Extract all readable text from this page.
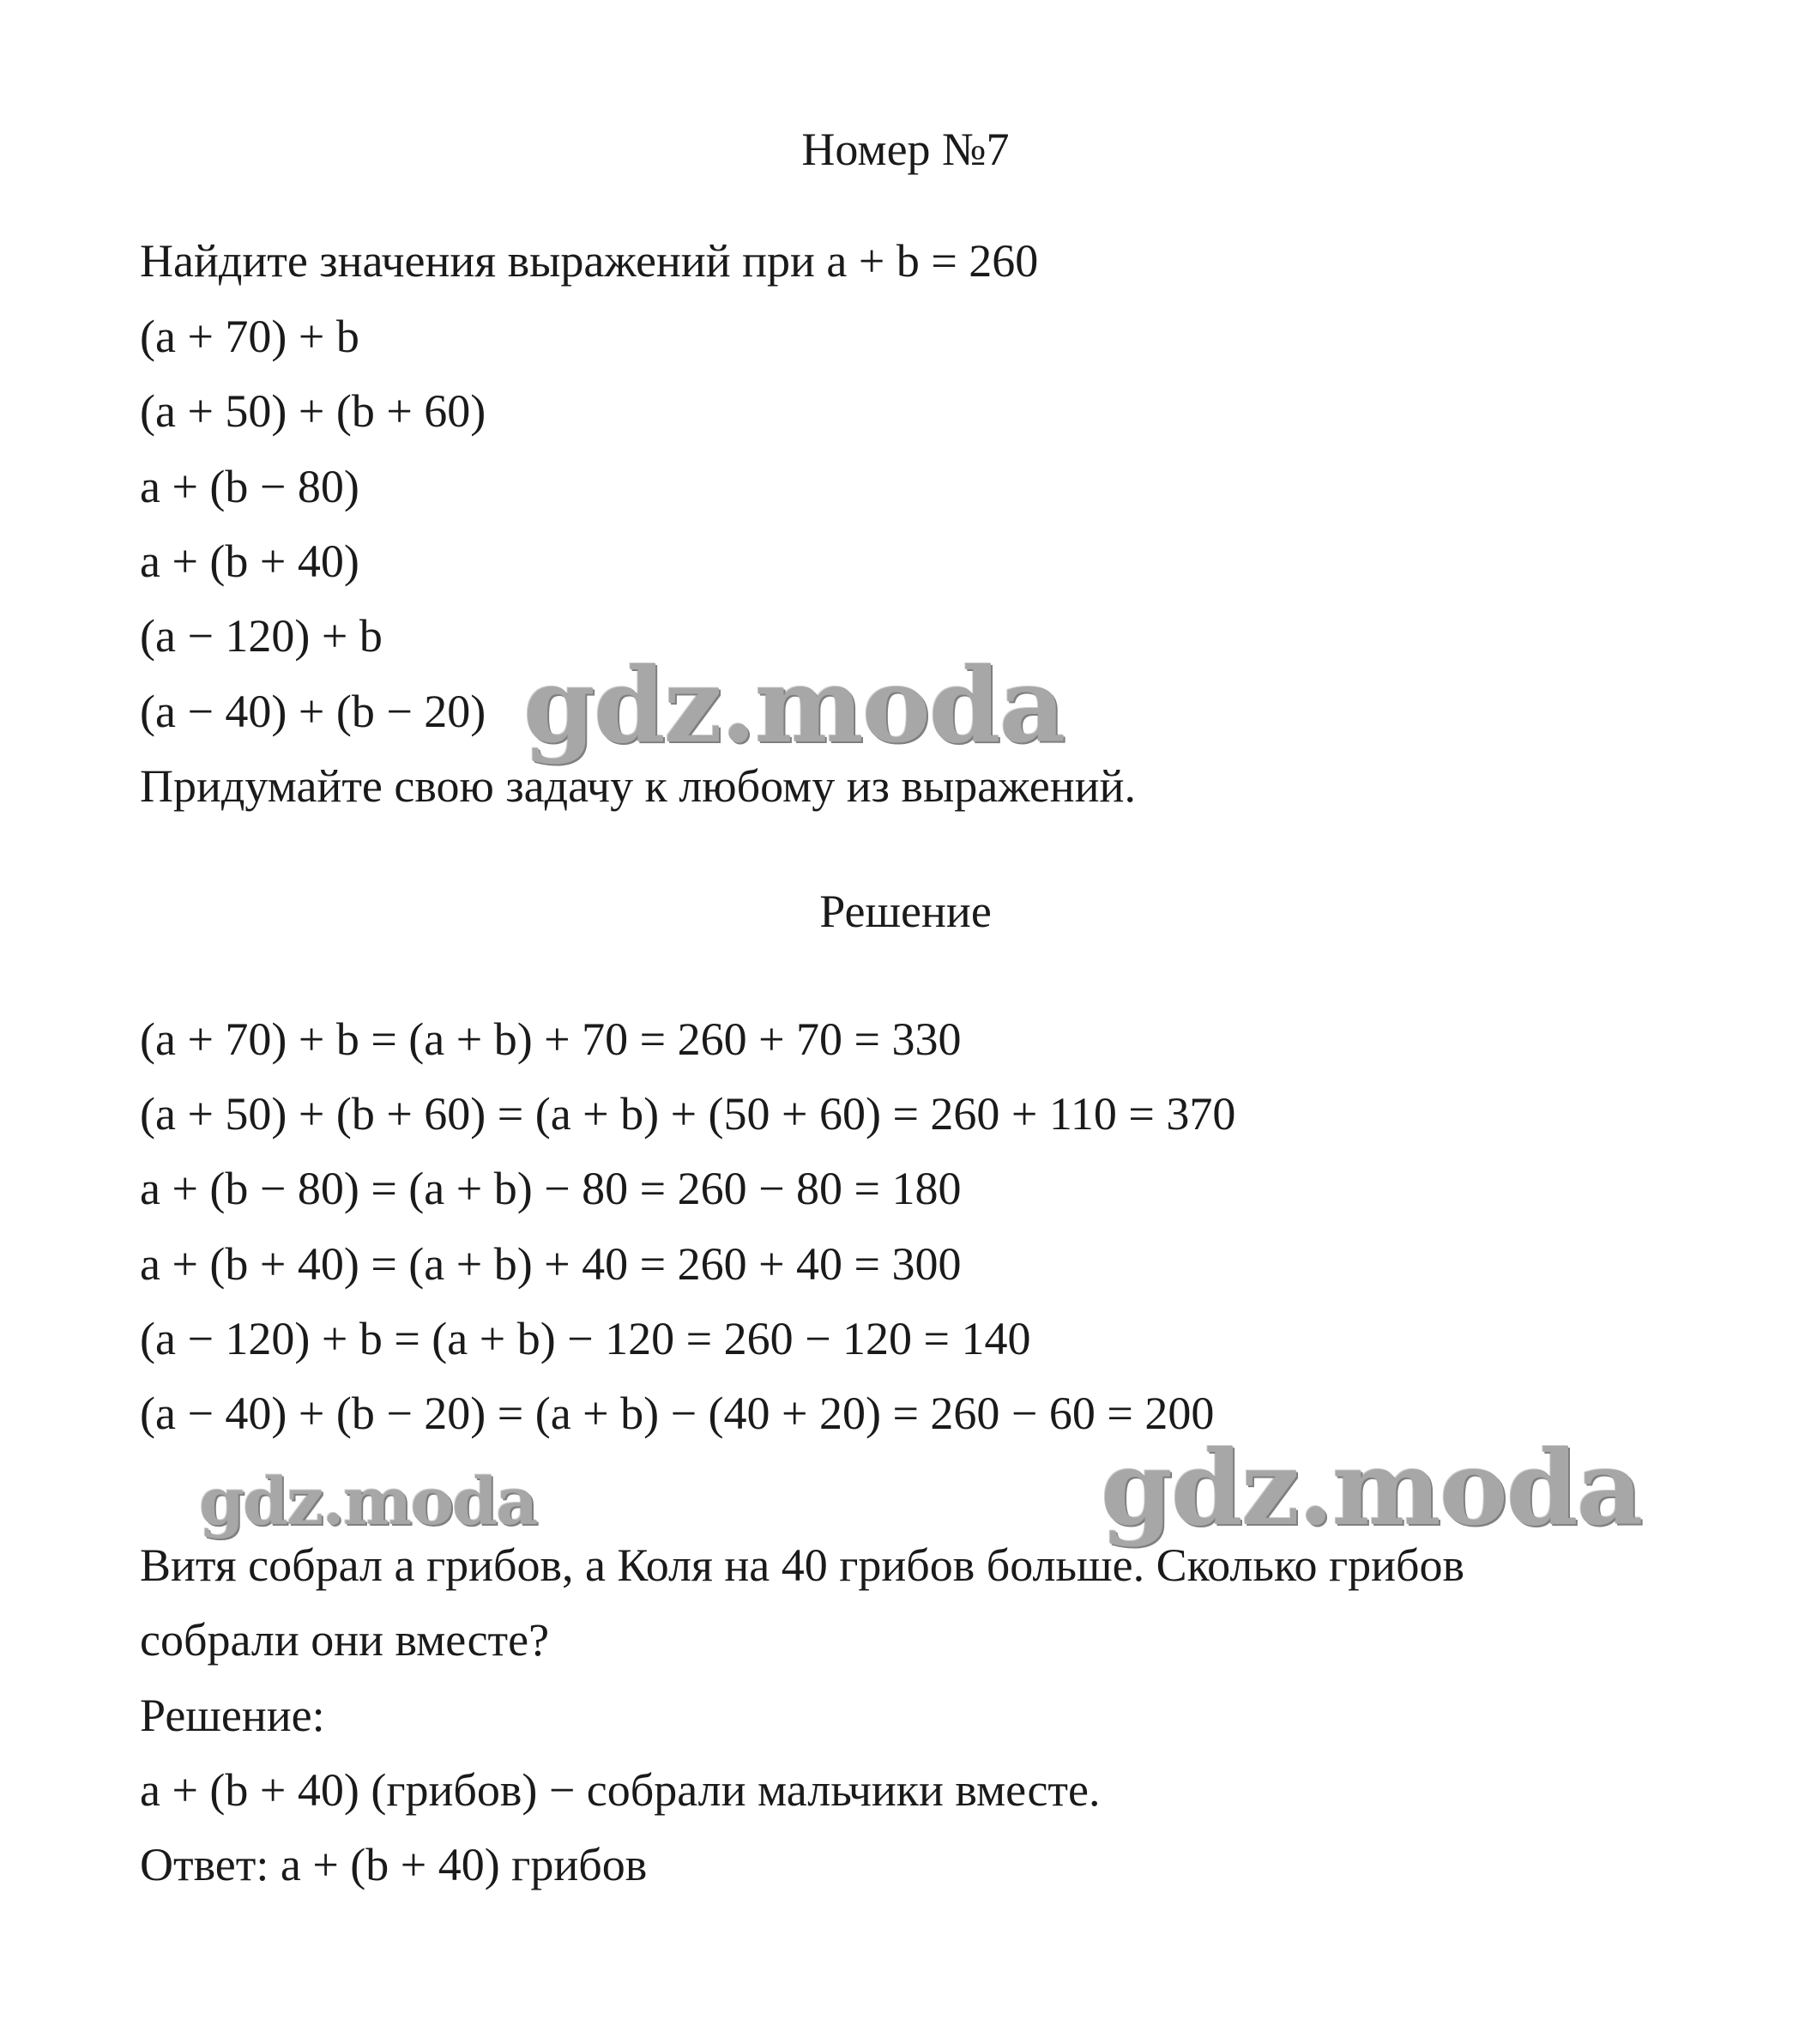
Номер №7
Найдите значения выражений при a + b = 260
(a + 70) + b
(a + 50) + (b + 60)
a + (b − 80)
a + (b + 40)
(a − 120) + b
(a − 40) + (b − 20)
Придумайте свою задачу к любому из выражений.
Решение
(a + 70) + b = (a + b) + 70 = 260 + 70 = 330
(a + 50) + (b + 60) = (a + b) + (50 + 60) = 260 + 110 = 370
a + (b − 80) = (a + b) − 80 = 260 − 80 = 180
a + (b + 40) = (a + b) + 40 = 260 + 40 = 300
(a − 120) + b = (a + b) − 120 = 260 − 120 = 140
(a − 40) + (b − 20) = (a + b) − (40 + 20) = 260 − 60 = 200
Витя собрал a грибов, а Коля на 40 грибов больше. Сколько грибов
собрали они вместе?
Решение:
a + (b + 40) (грибов) − собрали мальчики вместе.
Ответ: a + (b + 40) грибов
gdz.moda
gdz.moda	gdz.moda
